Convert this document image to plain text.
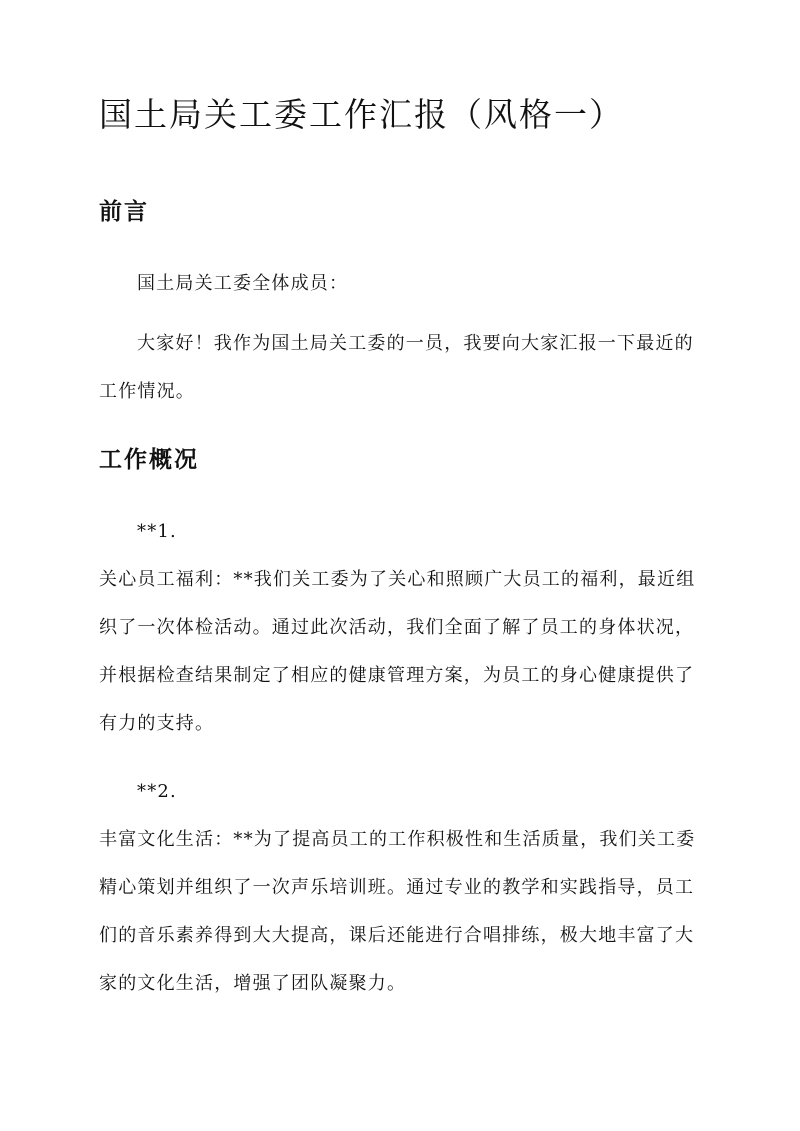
国土局关工委工作汇报（风格一）
前言

国土局关工委全体成员：

大家好！我作为国土局关工委的一员，我要向大家汇报一下最近的工作情况。

工作概况

**1.

关心员工福利：**我们关工委为了关心和照顾广大员工的福利，最近组织了一次体检活动。通过此次活动，我们全面了解了员工的身体状况，并根据检查结果制定了相应的健康管理方案，为员工的身心健康提供了有力的支持。

**2.

丰富文化生活：**为了提高员工的工作积极性和生活质量，我们关工委精心策划并组织了一次声乐培训班。通过专业的教学和实践指导，员工们的音乐素养得到大大提高，课后还能进行合唱排练，极大地丰富了大家的文化生活，增强了团队凝聚力。
